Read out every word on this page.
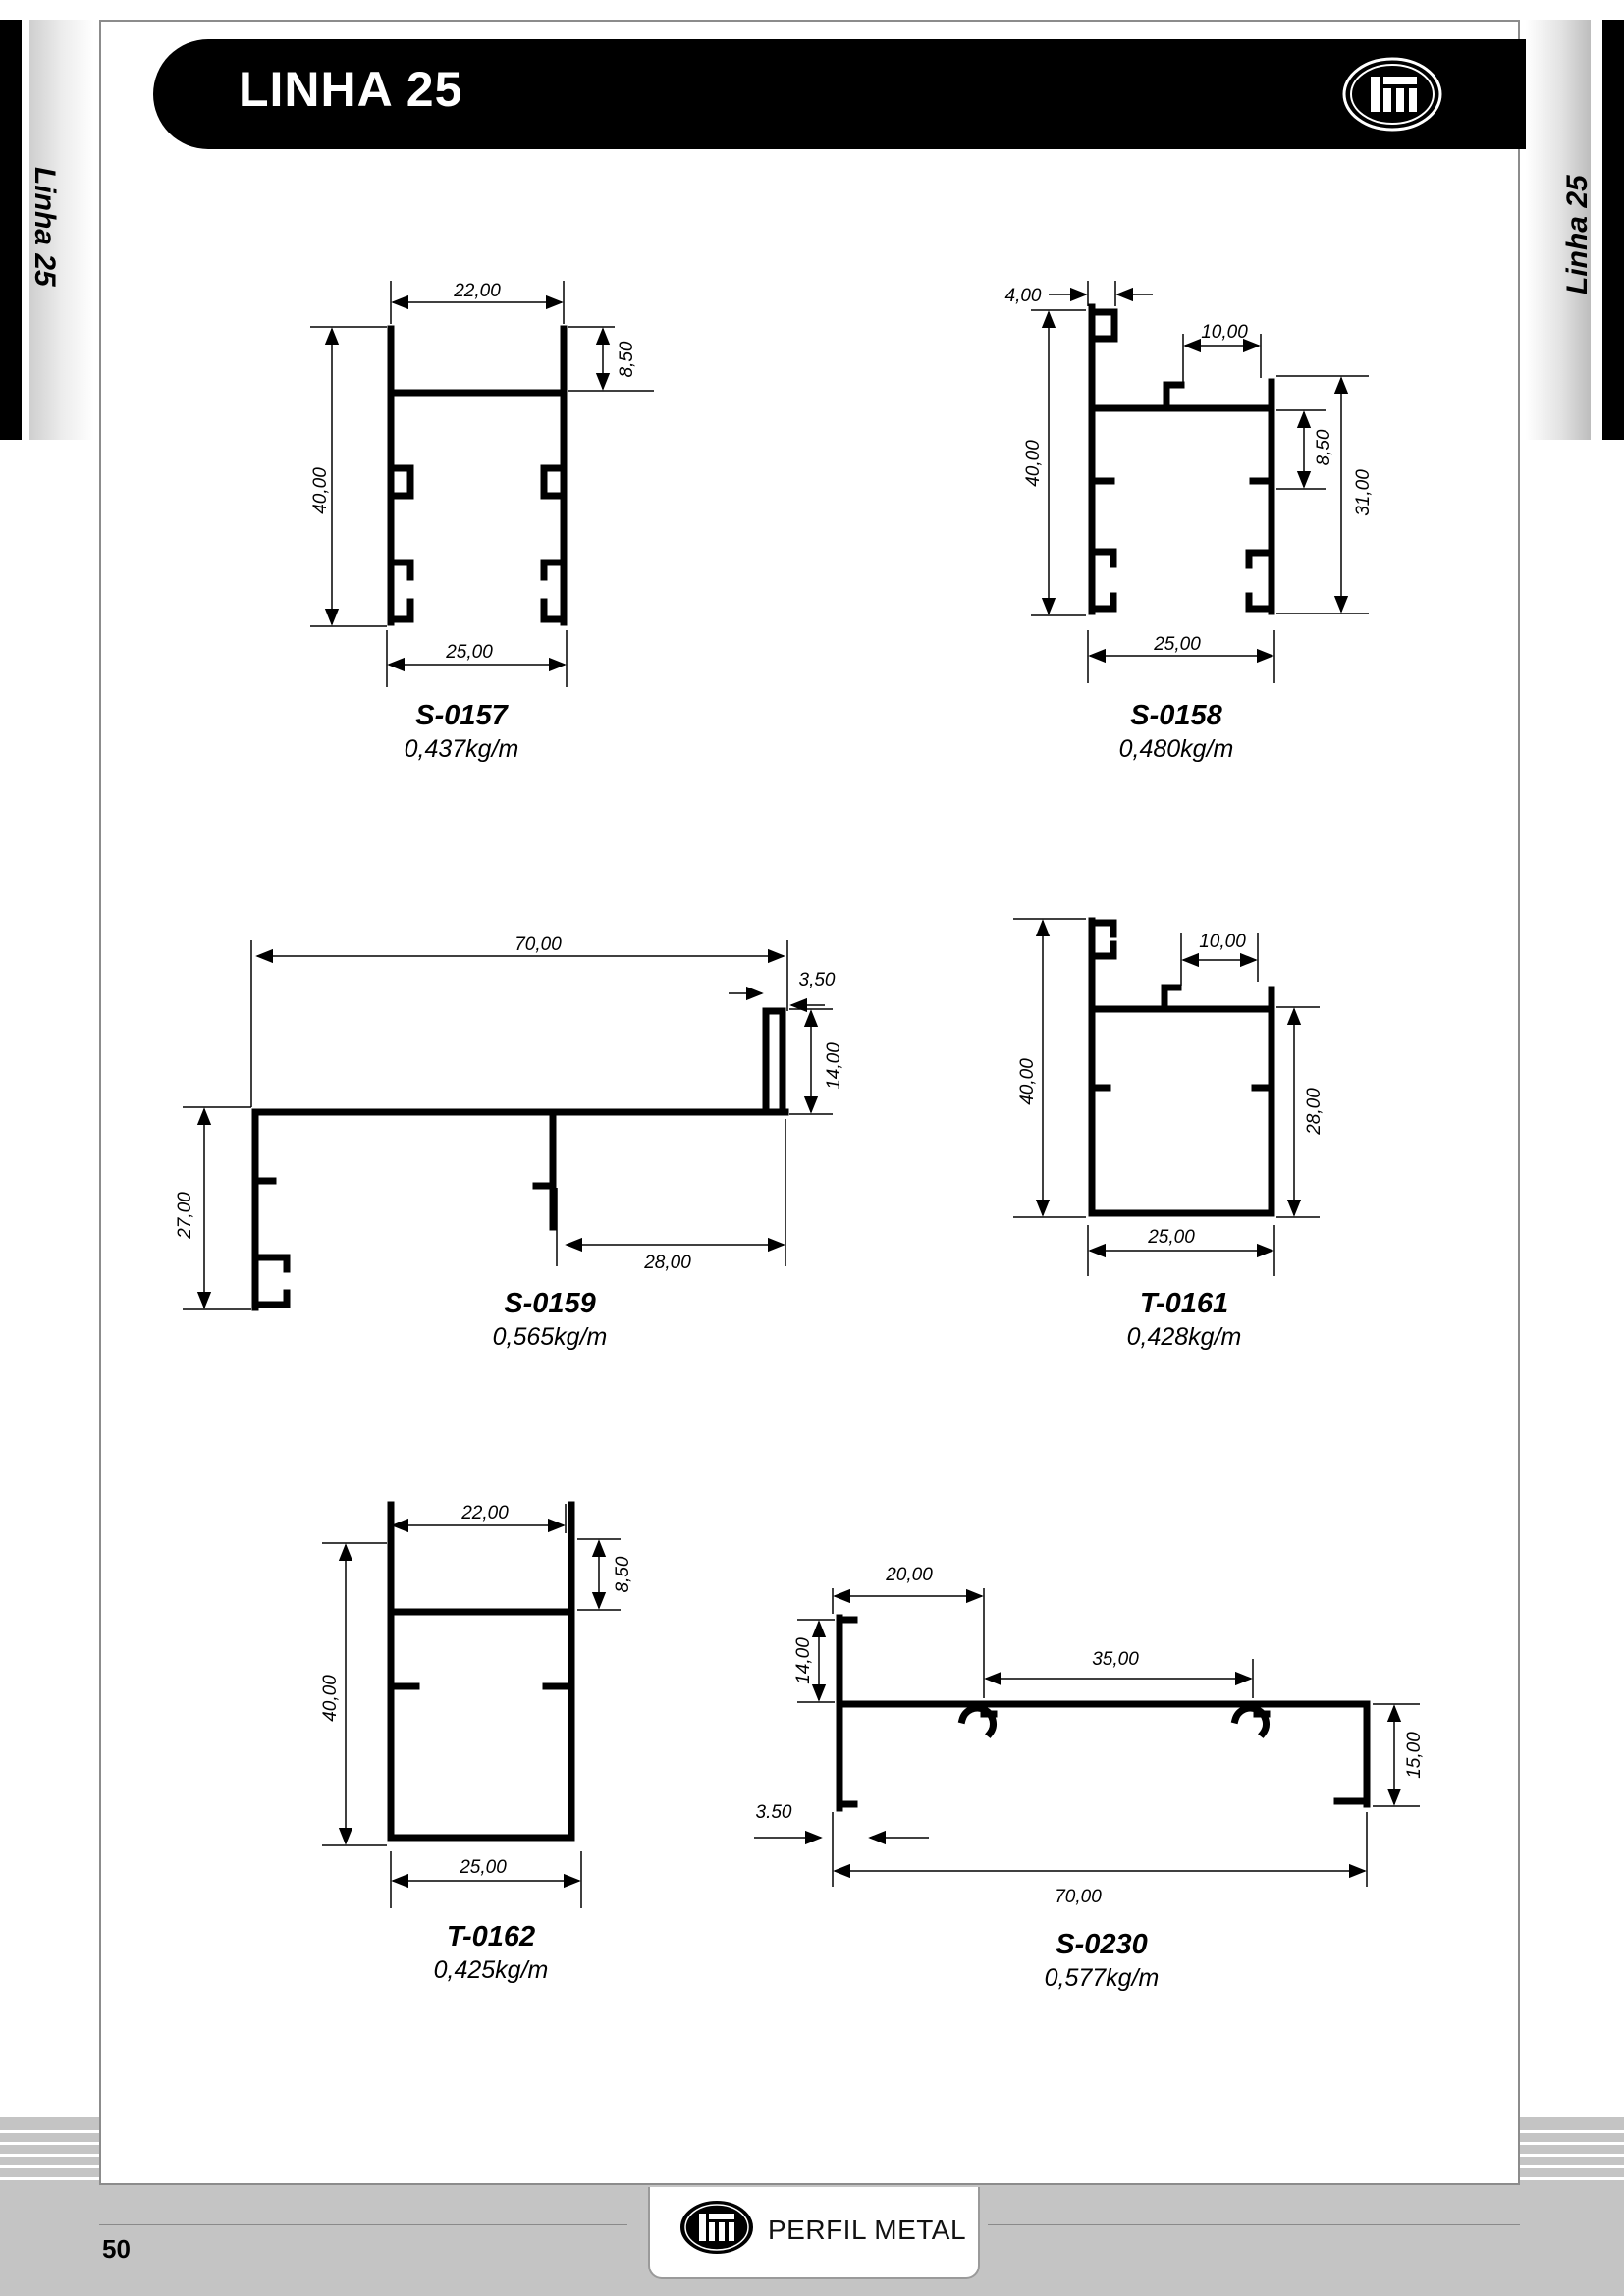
Linha 25	Linha 25
LINHA 25
22,00
8,50
40,00
25,00
S-0157
0,437kg/m
4,00
10,00
40,00	8,50
31,00
25,00
S-0158
0,480kg/m
70,00
3,50
14,00
27,00
28,00
S-0159
0,565kg/m
10,00
40,00
28,00
25,00
T-0161
0,428kg/m
22,00
8,50
40,00
25,00
T-0162
0,425kg/m
20,00
14,00	35,00
15,00
3.50
70,00
S-0230
0,577kg/m
50
PERFIL METAL
